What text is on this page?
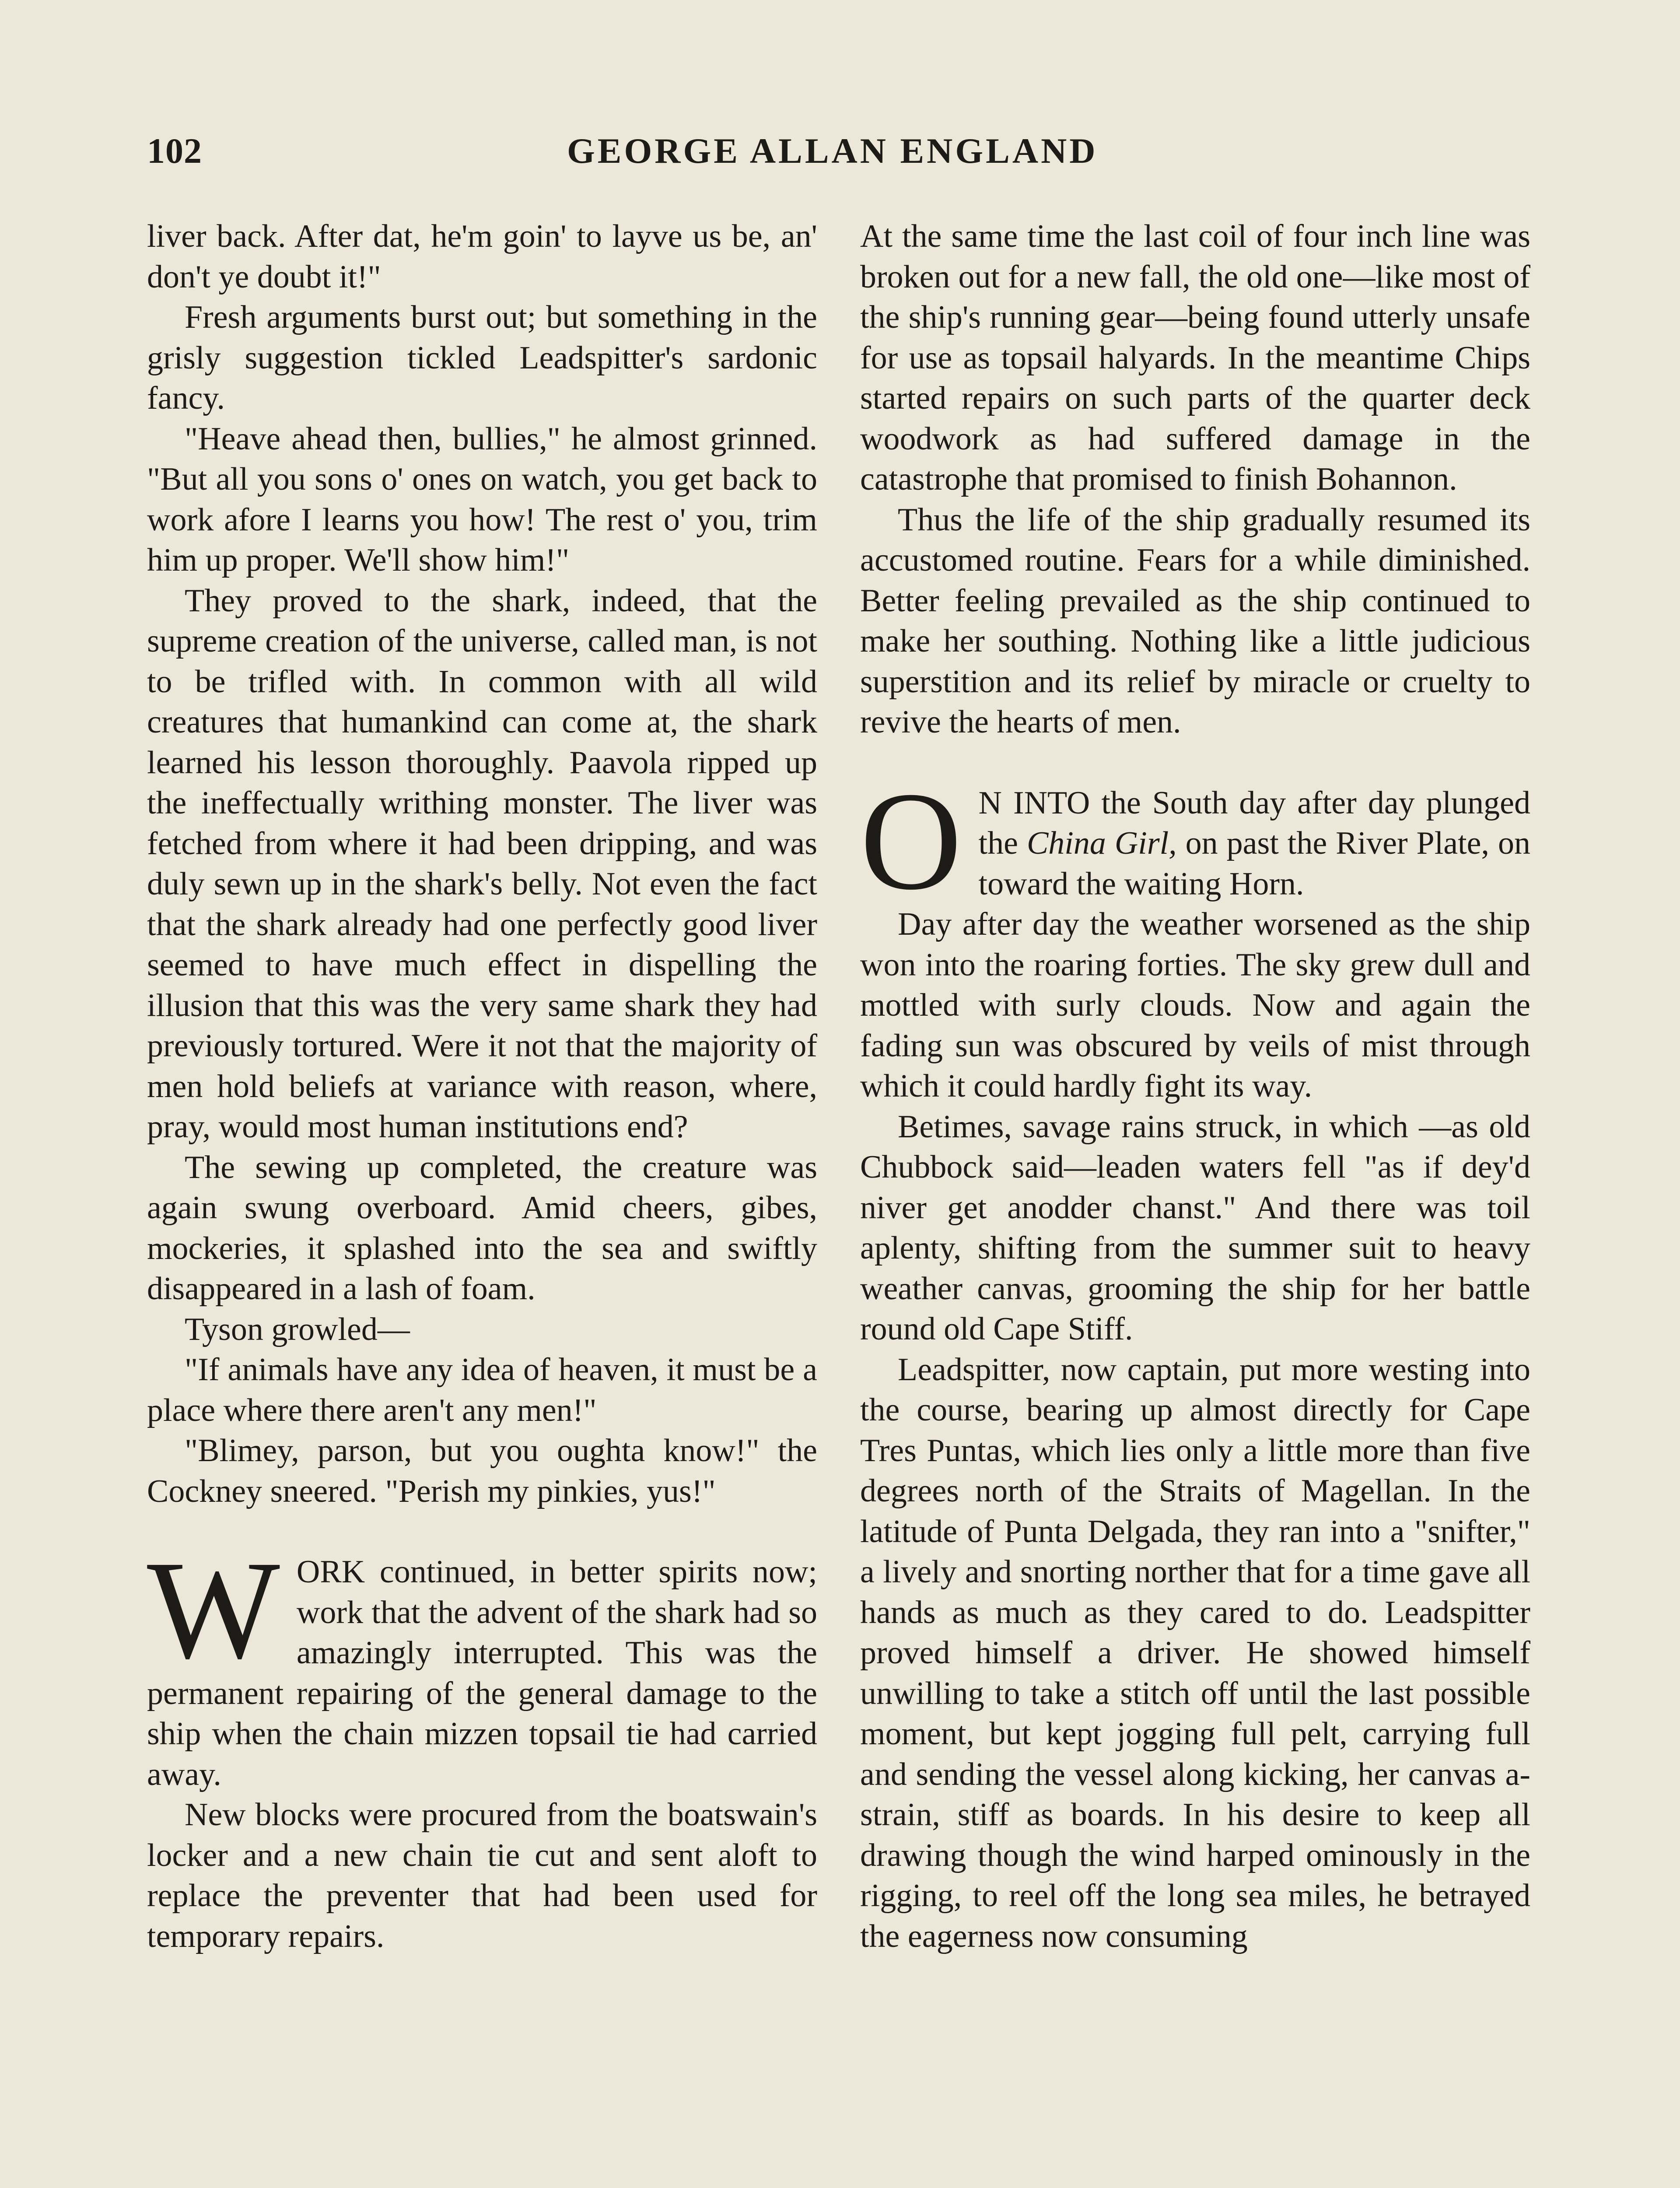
102	GEORGE ALLAN ENGLAND

liver back. After dat, he'm goin' to layve us be, an' don't ye doubt it!"

Fresh arguments burst out; but something in the grisly suggestion tickled Leadspitter's sardonic fancy.

"Heave ahead then, bullies," he almost grinned. "But all you sons o' ones on watch, you get back to work afore I learns you how! The rest o' you, trim him up proper. We'll show him!"

They proved to the shark, indeed, that the supreme creation of the universe, called man, is not to be trifled with. In common with all wild creatures that humankind can come at, the shark learned his lesson thoroughly. Paavola ripped up the ineffectually writhing monster. The liver was fetched from where it had been dripping, and was duly sewn up in the shark's belly. Not even the fact that the shark already had one perfectly good liver seemed to have much effect in dispelling the illusion that this was the very same shark they had previously tortured. Were it not that the majority of men hold beliefs at variance with reason, where, pray, would most human institutions end?

The sewing up completed, the creature was again swung overboard. Amid cheers, gibes, mockeries, it splashed into the sea and swiftly disappeared in a lash of foam.

Tyson growled—

"If animals have any idea of heaven, it must be a place where there aren't any men!"

"Blimey, parson, but you oughta know!" the Cockney sneered. "Perish my pinkies, yus!"

WORK continued, in better spirits now; work that the advent of the shark had so amazingly interrupted. This was the permanent repairing of the general damage to the ship when the chain mizzen topsail tie had carried away.

New blocks were procured from the boatswain's locker and a new chain tie cut and sent aloft to replace the preventer that had been used for temporary repairs.

At the same time the last coil of four inch line was broken out for a new fall, the old one—like most of the ship's running gear—being found utterly unsafe for use as topsail halyards. In the meantime Chips started repairs on such parts of the quarter deck woodwork as had suffered damage in the catastrophe that promised to finish Bohannon.

Thus the life of the ship gradually resumed its accustomed routine. Fears for a while diminished. Better feeling prevailed as the ship continued to make her southing. Nothing like a little judicious superstition and its relief by miracle or cruelty to revive the hearts of men.

O N INTO the South day after day plunged the China Girl, on past the River Plate, on toward the waiting Horn.

Day after day the weather worsened as the ship won into the roaring forties. The sky grew dull and mottled with surly clouds. Now and again the fading sun was obscured by veils of mist through which it could hardly fight its way.

Betimes, savage rains struck, in which —as old Chubbock said—leaden waters fell "as if dey'd niver get anodder chanst." And there was toil aplenty, shifting from the summer suit to heavy weather canvas, grooming the ship for her battle round old Cape Stiff.

Leadspitter, now captain, put more westing into the course, bearing up almost directly for Cape Tres Puntas, which lies only a little more than five degrees north of the Straits of Magellan. In the latitude of Punta Delgada, they ran into a "snifter," a lively and snorting norther that for a time gave all hands as much as they cared to do. Leadspitter proved himself a driver. He showed himself unwilling to take a stitch off until the last possible moment, but kept jogging full pelt, carrying full and sending the vessel along kicking, her canvas a-strain, stiff as boards. In his desire to keep all drawing though the wind harped ominously in the rigging, to reel off the long sea miles, he betrayed the eagerness now consuming
